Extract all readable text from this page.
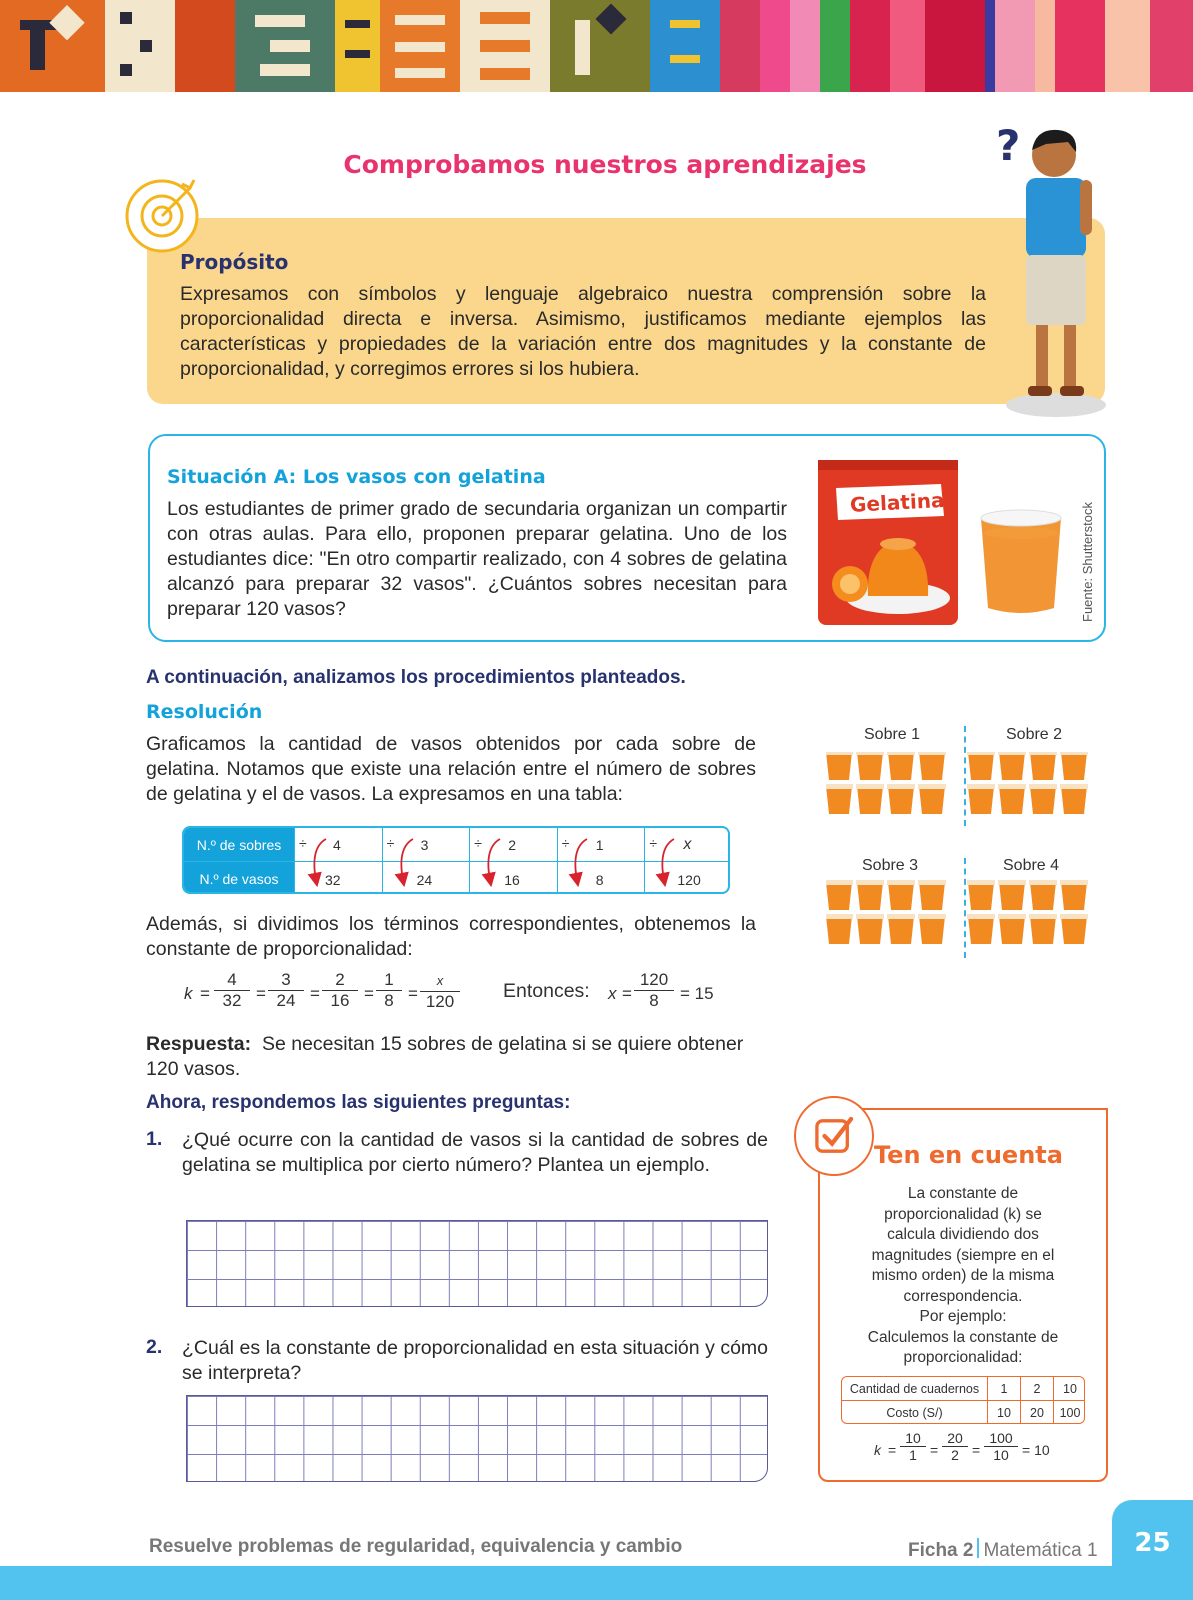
Comprobamos nuestros aprendizajes
Propósito

Expresamos con símbolos y lenguaje algebraico nuestra comprensión sobre la proporcionalidad directa e inversa. Asimismo, justificamos mediante ejemplos las características y propiedades de la variación entre dos magnitudes y la constante de proporcionalidad, y corregimos errores si los hubiera.

?
Situación A: Los vasos con gelatina

Los estudiantes de primer grado de secundaria organizan un compartir con otras aulas. Para ello, proponen preparar gelatina. Uno de los estudiantes dice: "En otro compartir realizado, con 4 sobres de gelatina alcanzó para preparar 32 vasos". ¿Cuántos sobres necesitan para preparar 120 vasos?

Gelatina	Fuente: Shutterstock

A continuación, analizamos los procedimientos planteados.

Resolución

Graficamos la cantidad de vasos obtenidos por cada sobre de gelatina. Notamos que existe una relación entre el número de sobres de gelatina y el de vasos. La expresamos en una tabla:

Sobre 1	Sobre 2
Sobre 3	Sobre 4
N.º de sobres	÷ 4	÷ 3	÷ 2	÷ 1	÷ x
N.º de vasos	32	24	16	8	120

Además, si dividimos los términos correspondientes, obtenemos la constante de proporcionalidad:

$k = \frac{4}{32} = \frac{3}{24} = \frac{2}{16} = \frac{1}{8}$ =
x
120	Entonces: $x = \frac{120}{8} = 15$

Respuesta: Se necesitan 15 sobres de gelatina si se quiere obtener 120 vasos.

Ahora, respondemos las siguientes preguntas:

1. ¿Qué ocurre con la cantidad de vasos si la cantidad de sobres de gelatina se multiplica por cierto número? Plantea un ejemplo.

2. ¿Cuál es la constante de proporcionalidad en esta situación y cómo se interpreta?

Ten en cuenta
La constante de
proporcionalidad (k) se
calcula dividiendo dos
magnitudes (siempre en el
mismo orden) de la misma
correspondencia.
Por ejemplo:
Calculemos la constante de
proporcionalidad:
Cantidad de cuadernos	1	2	10
Costo (S/)	10	20	100
$k = \frac{10}{1} = \frac{20}{2} = \frac{100}{10} = 10$

Resuelve problemas de regularidad, equivalencia y cambio	Ficha 2 Matemática 1	25
